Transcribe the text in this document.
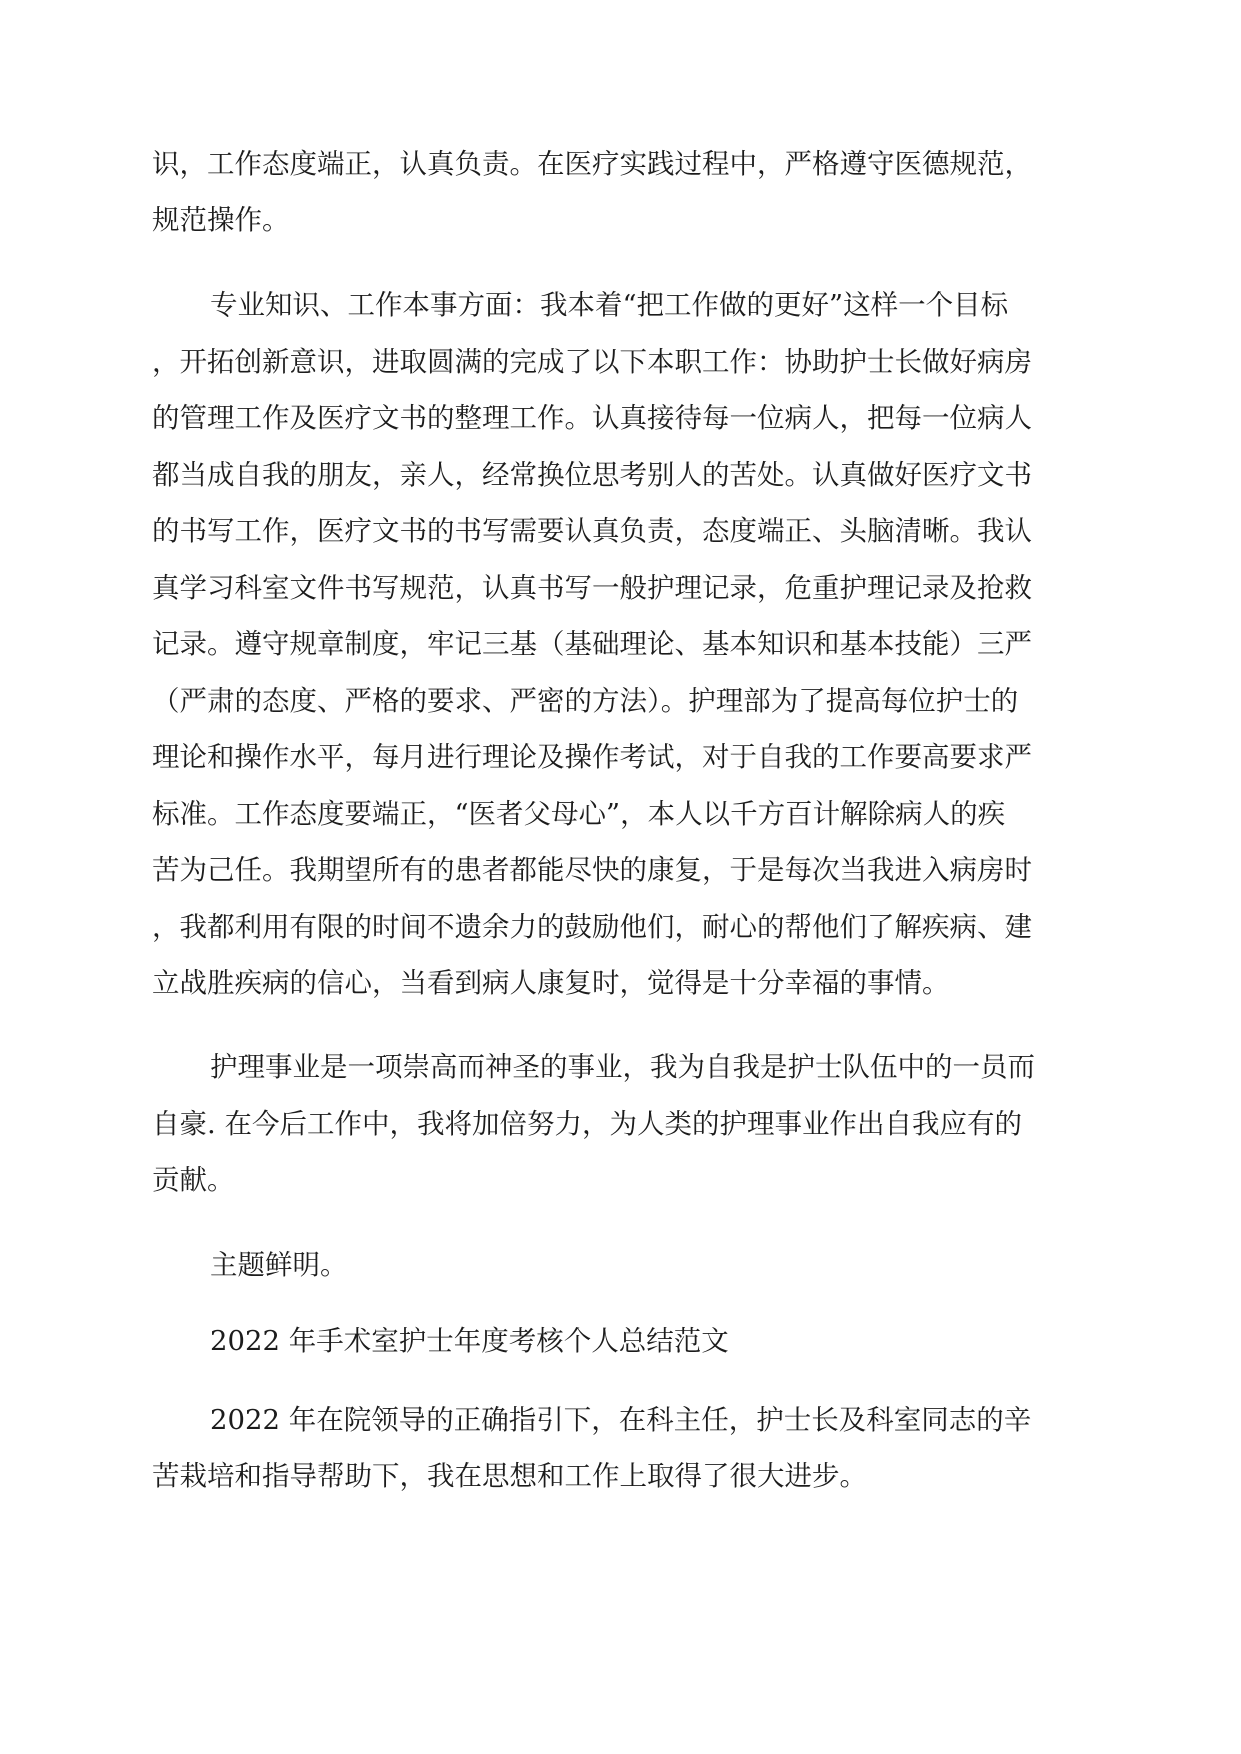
识，工作态度端正，认真负责。在医疗实践过程中，严格遵守医德规范，

规范操作。

专业知识、工作本事方面：我本着“把工作做的更好”这样一个目标

，开拓创新意识，进取圆满的完成了以下本职工作：协助护士长做好病房

的管理工作及医疗文书的整理工作。认真接待每一位病人，把每一位病人

都当成自我的朋友，亲人，经常换位思考别人的苦处。认真做好医疗文书

的书写工作，医疗文书的书写需要认真负责，态度端正、头脑清晰。我认

真学习科室文件书写规范，认真书写一般护理记录，危重护理记录及抢救

记录。遵守规章制度，牢记三基（基础理论、基本知识和基本技能）三严

（严肃的态度、严格的要求、严密的方法）。护理部为了提高每位护士的

理论和操作水平，每月进行理论及操作考试，对于自我的工作要高要求严

标准。工作态度要端正，“医者父母心”，本人以千方百计解除病人的疾

苦为己任。我期望所有的患者都能尽快的康复，于是每次当我进入病房时

，我都利用有限的时间不遗余力的鼓励他们，耐心的帮他们了解疾病、建

立战胜疾病的信心，当看到病人康复时，觉得是十分幸福的事情。

护理事业是一项崇高而神圣的事业，我为自我是护士队伍中的一员而

自豪. 在今后工作中，我将加倍努力，为人类的护理事业作出自我应有的

贡献。

主题鲜明。

2022 年手术室护士年度考核个人总结范文

2022 年在院领导的正确指引下，在科主任，护士长及科室同志的辛

苦栽培和指导帮助下，我在思想和工作上取得了很大进步。
